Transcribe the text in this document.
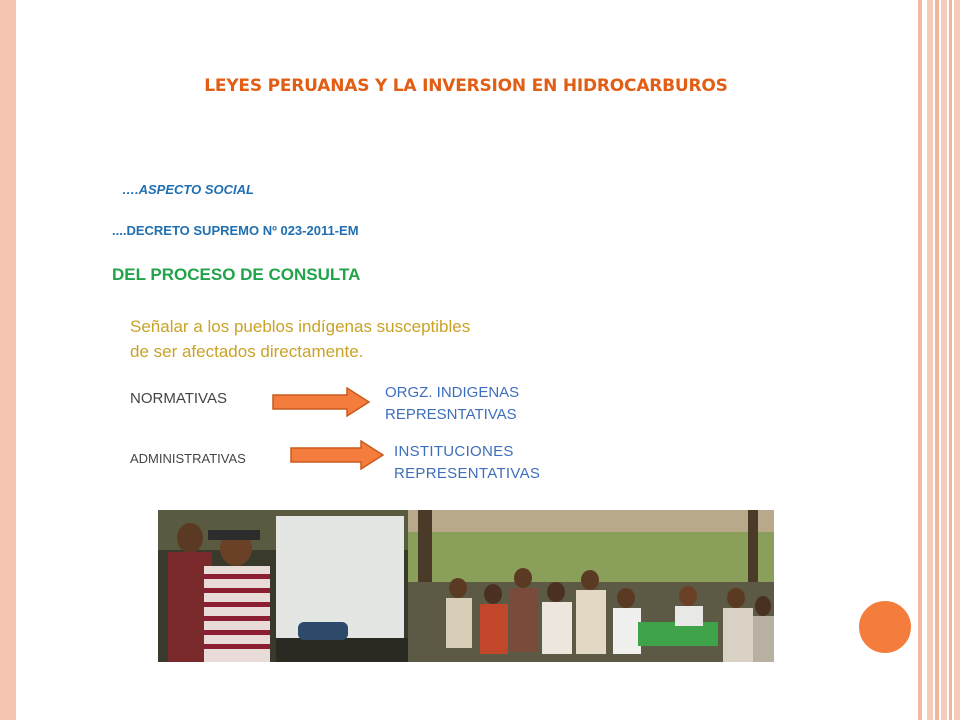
LEYES PERUANAS Y LA INVERSION EN HIDROCARBUROS
….ASPECTO SOCIAL
....DECRETO SUPREMO Nº 023-2011-EM
DEL PROCESO DE CONSULTA
Señalar a los pueblos indígenas susceptibles
de ser afectados directamente.
NORMATIVAS	ORGZ. INDIGENAS
REPRESNTATIVAS
ADMINISTRATIVAS	INSTITUCIONES
REPRESENTATIVAS
